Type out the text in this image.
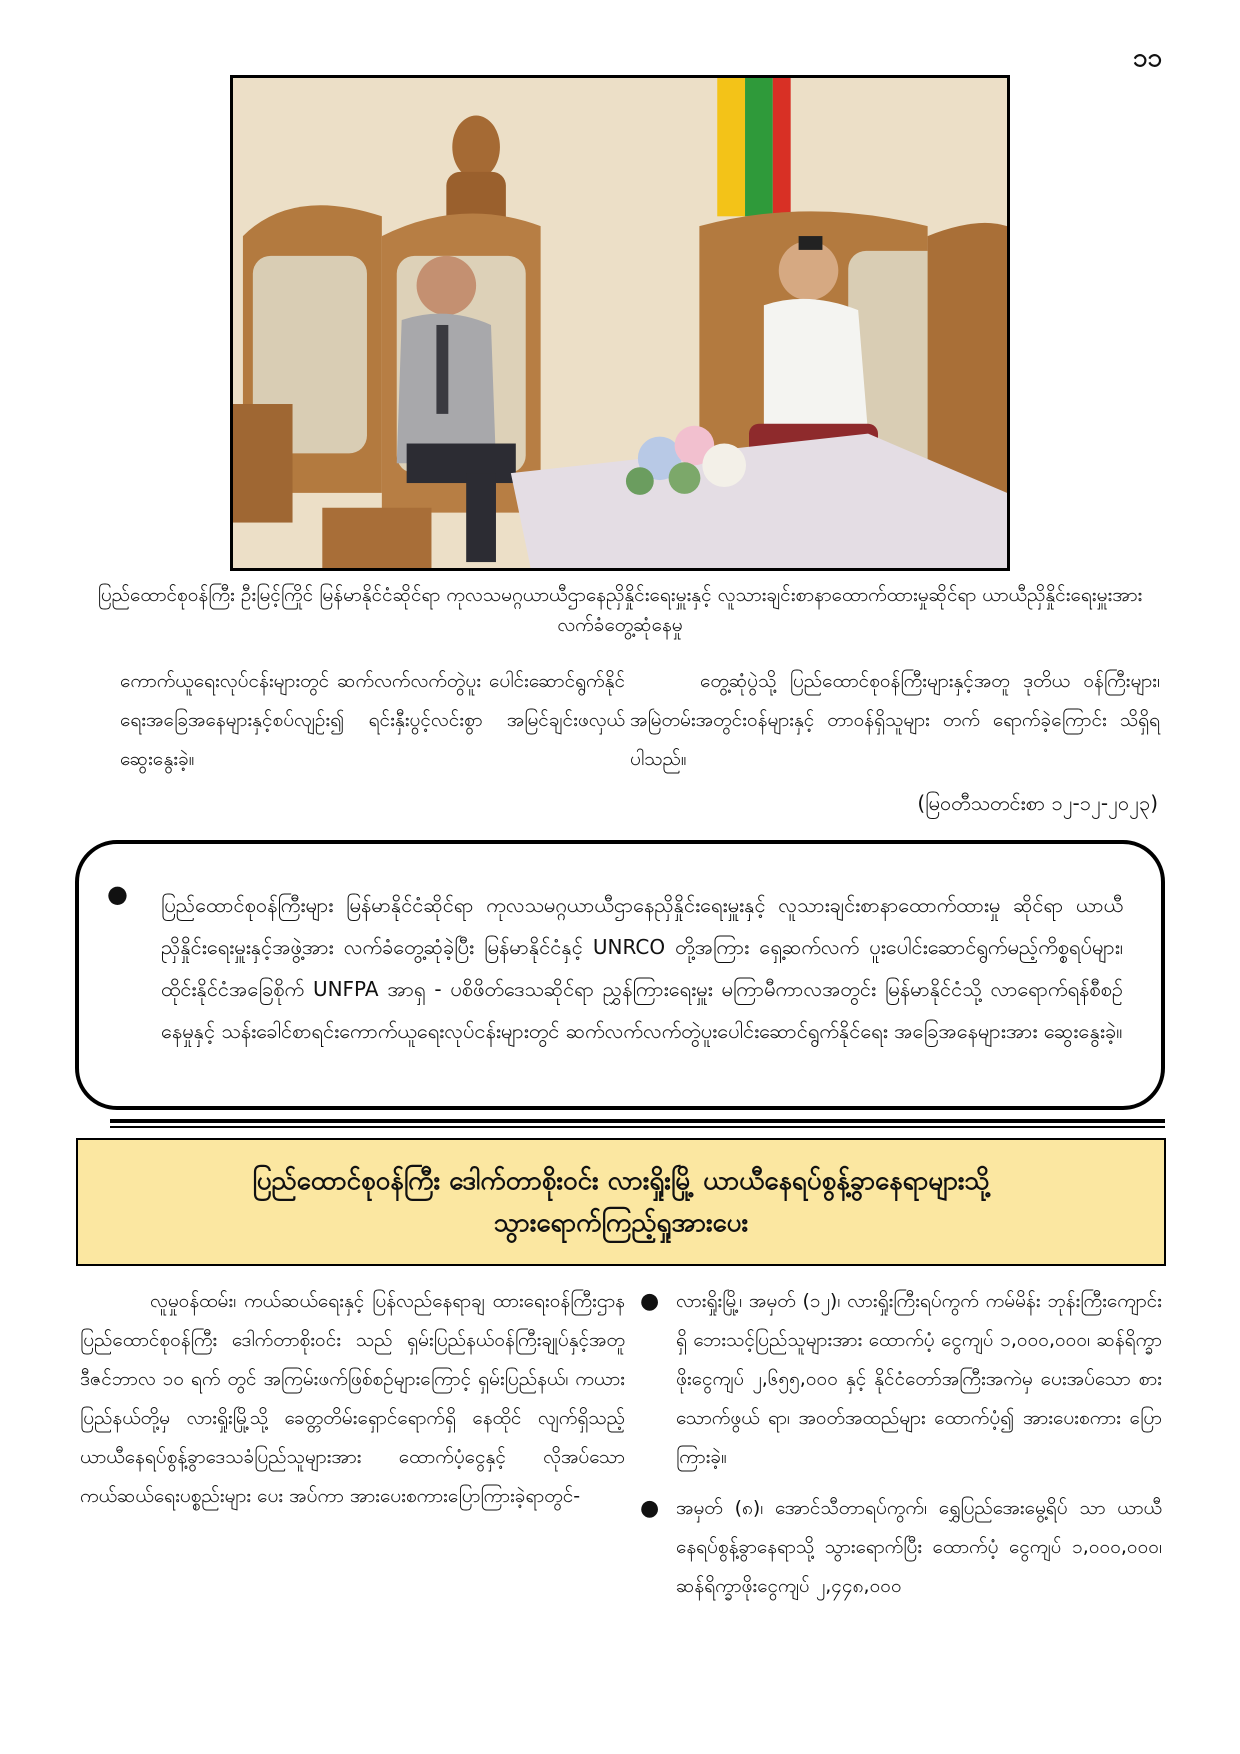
၁၁
ပြည်ထောင်စုဝန်ကြီး ဦးမြင့်ကြိုင် မြန်မာနိုင်ငံဆိုင်ရာ ကုလသမဂ္ဂယာယီဌာနေညှိနှိုင်းရေးမှူးနှင့် လူသားချင်းစာနာထောက်ထားမှုဆိုင်ရာ ယာယီညှိနှိုင်းရေးမှူးအား လက်ခံတွေ့ဆုံနေမှု

ကောက်ယူရေးလုပ်ငန်းများတွင် ဆက်လက်လက်တွဲပူး ပေါင်းဆောင်ရွက်နိုင်ရေးအခြေအနေများနှင့်စပ်လျဉ်း၍ ရင်းနှီးပွင့်လင်းစွာ အမြင်ချင်းဖလှယ်ဆွေးနွေးခဲ့။

တွေ့ဆုံပွဲသို့ ပြည်ထောင်စုဝန်ကြီးများနှင့်အတူ ဒုတိယ ဝန်ကြီးများ၊ အမြဲတမ်းအတွင်းဝန်များနှင့် တာဝန်ရှိသူများ တက် ရောက်ခဲ့ကြောင်း သိရှိရပါသည်။

(မြဝတီသတင်းစာ ၁၂-၁၂-၂၀၂၃)
●	ပြည်ထောင်စုဝန်ကြီးများ မြန်မာနိုင်ငံဆိုင်ရာ ကုလသမဂ္ဂယာယီဌာနေညှိနှိုင်းရေးမှူးနှင့် လူသားချင်းစာနာထောက်ထားမှု ဆိုင်ရာ ယာယီညှိနှိုင်းရေးမှူးနှင့်အဖွဲ့အား လက်ခံတွေ့ဆုံခဲ့ပြီး မြန်မာနိုင်ငံနှင့် UNRCO တို့အကြား ရှေ့ဆက်လက် ပူးပေါင်းဆောင်ရွက်မည့်ကိစ္စရပ်များ၊ ထိုင်းနိုင်ငံအခြေစိုက် UNFPA အာရှ - ပစိဖိတ်ဒေသဆိုင်ရာ ညွှန်ကြားရေးမှူး မကြာမီကာလအတွင်း မြန်မာနိုင်ငံသို့ လာရောက်ရန်စီစဉ်နေမှုနှင့် သန်းခေါင်စာရင်းကောက်ယူရေးလုပ်ငန်းများတွင် ဆက်လက်လက်တွဲပူးပေါင်းဆောင်ရွက်နိုင်ရေး အခြေအနေများအား ဆွေးနွေးခဲ့။

ပြည်ထောင်စုဝန်ကြီး ဒေါက်တာစိုးဝင်း လားရှိုးမြို့ ယာယီနေရပ်စွန့်ခွာနေရာများသို့
သွားရောက်ကြည့်ရှုအားပေး

လူမှုဝန်ထမ်း၊ ကယ်ဆယ်ရေးနှင့် ပြန်လည်နေရာချ ထားရေးဝန်ကြီးဌာန ပြည်ထောင်စုဝန်ကြီး ဒေါက်တာစိုးဝင်း သည် ရှမ်းပြည်နယ်ဝန်ကြီးချုပ်နှင့်အတူ ဒီဇင်ဘာလ ၁၀ ရက် တွင် အကြမ်းဖက်ဖြစ်စဉ်များကြောင့် ရှမ်းပြည်နယ်၊ ကယား ပြည်နယ်တို့မှ လားရှိုးမြို့သို့ ခေတ္တတိမ်းရှောင်ရောက်ရှိ နေထိုင် လျက်ရှိသည့် ယာယီနေရပ်စွန့်ခွာဒေသခံပြည်သူများအား ထောက်ပံ့ငွေနှင့် လိုအပ်သောကယ်ဆယ်ရေးပစ္စည်းများ ပေး အပ်ကာ အားပေးစကားပြောကြားခဲ့ရာတွင်-

● လားရှိုးမြို့၊ အမှတ် (၁၂)၊ လားရှိုးကြီးရပ်ကွက် ကမ်မိန်း ဘုန်းကြီးကျောင်းရှိ ဘေးသင့်ပြည်သူများအား ထောက်ပံ့ ငွေကျပ် ၁,၀၀၀,၀၀၀၊ ဆန်ရိက္ခာဖိုးငွေကျပ် ၂,၆၅၅,၀၀၀ နှင့် နိုင်ငံတော်အကြီးအကဲမှ ပေးအပ်သော စားသောက်ဖွယ် ရာ၊ အဝတ်အထည်များ ထောက်ပံ့၍ အားပေးစကား ပြောကြားခဲ့။

● အမှတ် (၈)၊ အောင်သီတာရပ်ကွက်၊ ရွှေပြည်အေးမွေ့ရိပ် သာ ယာယီနေရပ်စွန့်ခွာနေရာသို့ သွားရောက်ပြီး ထောက်ပံ့ ငွေကျပ် ၁,၀၀၀,၀၀၀၊ ဆန်ရိက္ခာဖိုးငွေကျပ် ၂,၄၄၈,၀၀၀
